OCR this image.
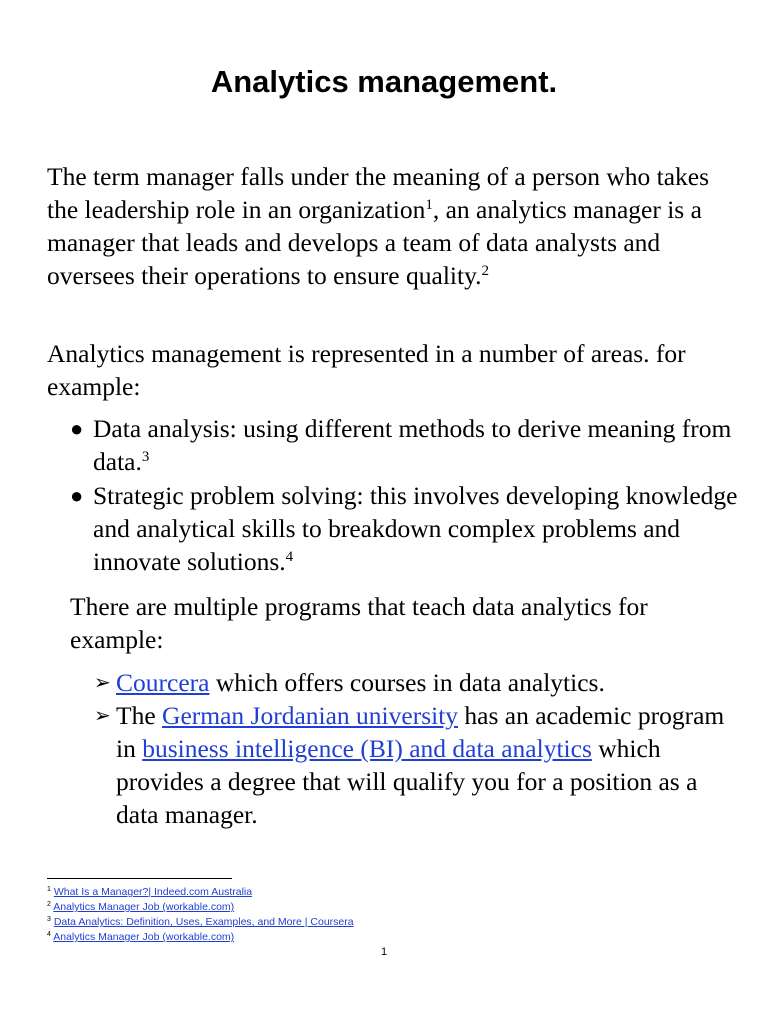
Analytics management.

The term manager falls under the meaning of a person who takes the leadership role in an organization$^1$, an analytics manager is a manager that leads and develops a team of data analysts and oversees their operations to ensure quality.$^2$

Analytics management is represented in a number of areas. for example:

● Data analysis: using different methods to derive meaning from data.$^3$
● Strategic problem solving: this involves developing knowledge and analytical skills to breakdown complex problems and innovate solutions.$^4$

There are multiple programs that teach data analytics for example:

➢ Courcera which offers courses in data analytics.
➢ The German Jordanian university has an academic program in business intelligence (BI) and data analytics which provides a degree that will qualify you for a position as a data manager.
$^1$ What Is a Manager?| Indeed.com Australia
$^2$ Analytics Manager Job (workable.com)
$^3$ Data Analytics: Definition, Uses, Examples, and More | Coursera
$^4$ Analytics Manager Job (workable.com)
1
